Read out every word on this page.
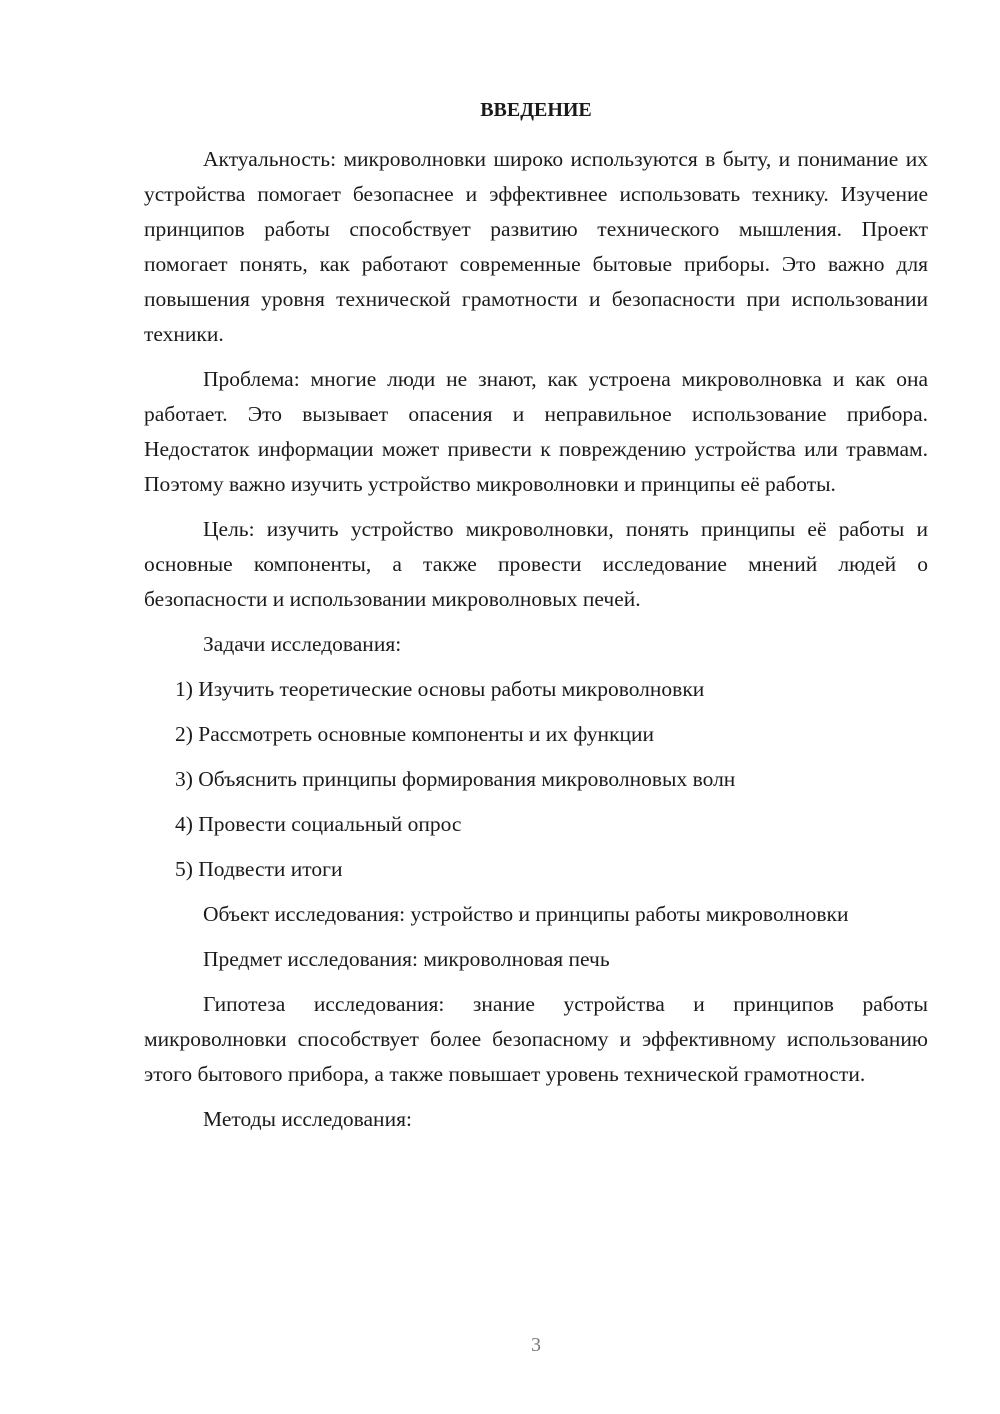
ВВЕДЕНИЕ

Актуальность: микроволновки широко используются в быту, и понимание их устройства помогает безопаснее и эффективнее использовать технику. Изучение принципов работы способствует развитию технического мышления. Проект помогает понять, как работают современные бытовые приборы. Это важно для повышения уровня технической грамотности и безопасности при использовании техники.

Проблема: многие люди не знают, как устроена микроволновка и как она работает. Это вызывает опасения и неправильное использование прибора. Недостаток информации может привести к повреждению устройства или травмам. Поэтому важно изучить устройство микроволновки и принципы её работы.

Цель: изучить устройство микроволновки, понять принципы её работы и основные компоненты, а также провести исследование мнений людей о безопасности и использовании микроволновых печей.

Задачи исследования:

1) Изучить теоретические основы работы микроволновки
2) Рассмотреть основные компоненты и их функции
3) Объяснить принципы формирования микроволновых волн
4) Провести социальный опрос
5) Подвести итоги

Объект исследования: устройство и принципы работы микроволновки

Предмет исследования: микроволновая печь

Гипотеза исследования: знание устройства и принципов работы микроволновки способствует более безопасному и эффективному использованию этого бытового прибора, а также повышает уровень технической грамотности.

Методы исследования:

3
